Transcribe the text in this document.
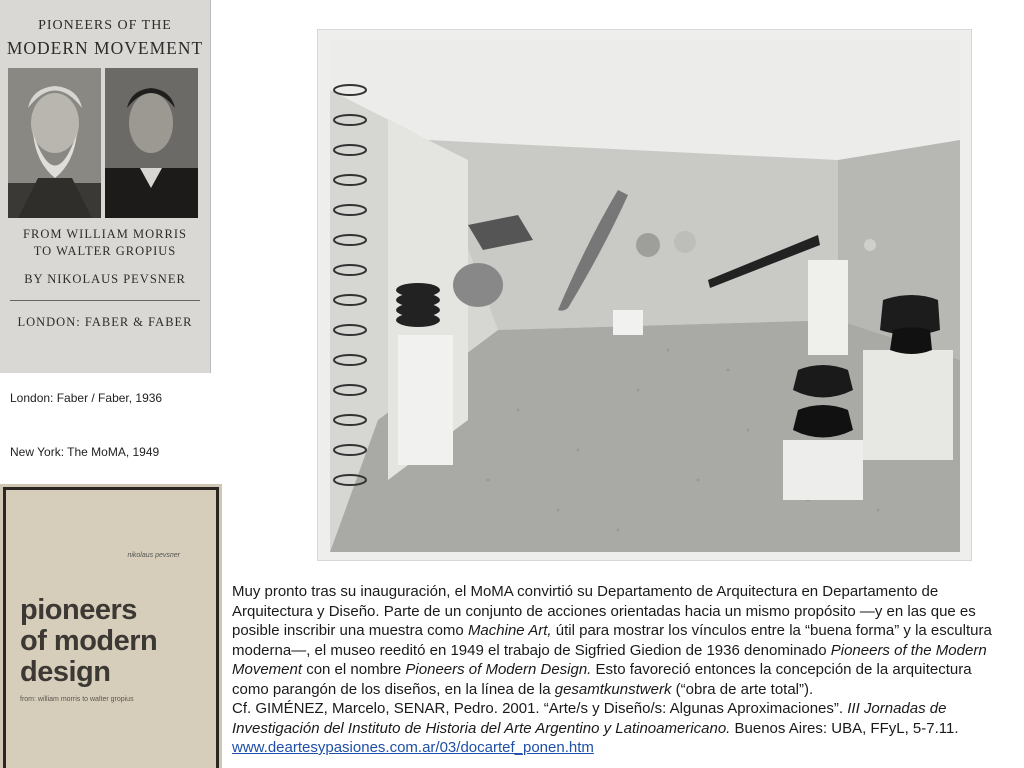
PIONEERS OF THE
MODERN MOVEMENT
FROM WILLIAM MORRIS
TO WALTER GROPIUS
BY NIKOLAUS PEVSNER
LONDON: FABER & FABER
London: Faber / Faber, 1936
New York: The MoMA, 1949
nikolaus pevsner
pioneers
of modern
design
from: william morris to walter gropius

Muy pronto tras su inauguración, el MoMA convirtió su Departamento de Arquitectura en Departamento de Arquitectura y Diseño. Parte de un conjunto de acciones orientadas hacia un mismo propósito —y en las que es posible inscribir una muestra como Machine Art, útil para mostrar los vínculos entre la “buena forma” y la escultura moderna—, el museo reeditó en 1949 el trabajo de Sigfried Giedion de 1936 denominado Pioneers of the Modern Movement con el nombre Pioneers of Modern Design. Esto favoreció entonces la concepción de la arquitectura como parangón de los diseños, en la línea de la gesamtkunstwerk (“obra de arte total”).

Cf. GIMÉNEZ, Marcelo, SENAR, Pedro. 2001. “Arte/s y Diseño/s: Algunas Aproximaciones”. III Jornadas de Investigación del Instituto de Historia del Arte Argentino y Latinoamericano. Buenos Aires: UBA, FFyL, 5-7.11.

www.deartesypasiones.com.ar/03/docartef_ponen.htm
